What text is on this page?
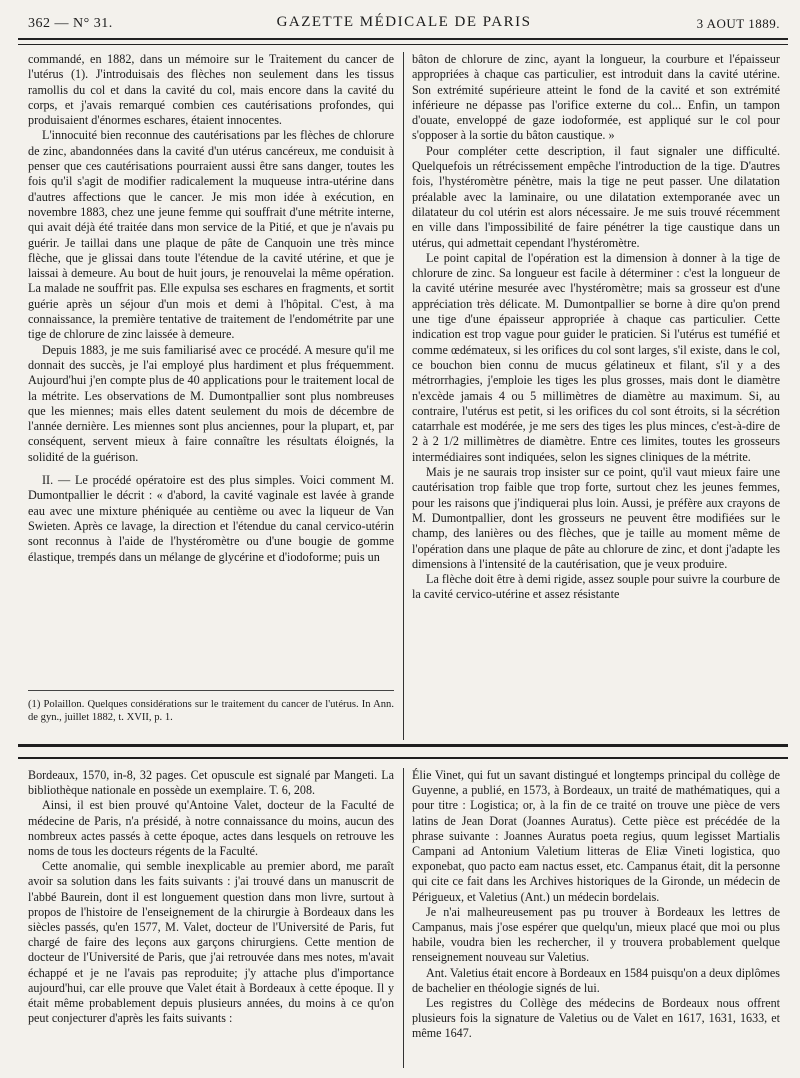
362 — N° 31.	GAZETTE MÉDICALE DE PARIS	3 AOUT 1889.

commandé, en 1882, dans un mémoire sur le Traitement du cancer de l'utérus (1). J'introduisais des flèches non seulement dans les tissus ramollis du col et dans la cavité du col, mais encore dans la cavité du corps, et j'avais remarqué combien ces cautérisations profondes, qui produisaient d'énormes eschares, étaient innocentes.

L'innocuité bien reconnue des cautérisations par les flèches de chlorure de zinc, abandonnées dans la cavité d'un utérus cancéreux, me conduisit à penser que ces cautérisations pourraient aussi être sans danger, toutes les fois qu'il s'agit de modifier radicalement la muqueuse intra-utérine dans d'autres affections que le cancer. Je mis mon idée à exécution, en novembre 1883, chez une jeune femme qui souffrait d'une métrite interne, qui avait déjà été traitée dans mon service de la Pitié, et que je n'avais pu guérir. Je taillai dans une plaque de pâte de Canquoin une très mince flèche, que je glissai dans toute l'étendue de la cavité utérine, et que je laissai à demeure. Au bout de huit jours, je renouvelai la même opération. La malade ne souffrit pas. Elle expulsa ses eschares en fragments, et sortit guérie après un séjour d'un mois et demi à l'hôpital. C'est, à ma connaissance, la première tentative de traitement de l'endométrite par une tige de chlorure de zinc laissée à demeure.

Depuis 1883, je me suis familiarisé avec ce procédé. A mesure qu'il me donnait des succès, je l'ai employé plus hardiment et plus fréquemment. Aujourd'hui j'en compte plus de 40 applications pour le traitement local de la métrite. Les observations de M. Dumontpallier sont plus nombreuses que les miennes; mais elles datent seulement du mois de décembre de l'année dernière. Les miennes sont plus anciennes, pour la plupart, et, par conséquent, servent mieux à faire connaître les résultats éloignés, la solidité de la guérison.

II. — Le procédé opératoire est des plus simples. Voici comment M. Dumontpallier le décrit : « d'abord, la cavité vaginale est lavée à grande eau avec une mixture phéniquée au centième ou avec la liqueur de Van Swieten. Après ce lavage, la direction et l'étendue du canal cervico-utérin sont reconnus à l'aide de l'hystéromètre ou d'une bougie de gomme élastique, trempés dans un mélange de glycérine et d'iodoforme; puis un

(1) Polaillon. Quelques considérations sur le traitement du cancer de l'utérus. In Ann. de gyn., juillet 1882, t. XVII, p. 1.

bâton de chlorure de zinc, ayant la longueur, la courbure et l'épaisseur appropriées à chaque cas particulier, est introduit dans la cavité utérine. Son extrémité supérieure atteint le fond de la cavité et son extrémité inférieure ne dépasse pas l'orifice externe du col... Enfin, un tampon d'ouate, enveloppé de gaze iodoformée, est appliqué sur le col pour s'opposer à la sortie du bâton caustique. »

Pour compléter cette description, il faut signaler une difficulté. Quelquefois un rétrécissement empêche l'introduction de la tige. D'autres fois, l'hystéromètre pénètre, mais la tige ne peut passer. Une dilatation préalable avec la laminaire, ou une dilatation extemporanée avec un dilatateur du col utérin est alors nécessaire. Je me suis trouvé récemment en ville dans l'impossibilité de faire pénétrer la tige caustique dans un utérus, qui admettait cependant l'hystéromètre.

Le point capital de l'opération est la dimension à donner à la tige de chlorure de zinc. Sa longueur est facile à déterminer : c'est la longueur de la cavité utérine mesurée avec l'hystéromètre; mais sa grosseur est d'une appréciation très délicate. M. Dumontpallier se borne à dire qu'on prend une tige d'une épaisseur appropriée à chaque cas particulier. Cette indication est trop vague pour guider le praticien. Si l'utérus est tuméfié et comme œdémateux, si les orifices du col sont larges, s'il existe, dans le col, ce bouchon bien connu de mucus gélatineux et filant, s'il y a des métrorrhagies, j'emploie les tiges les plus grosses, mais dont le diamètre n'excède jamais 4 ou 5 millimètres de diamètre au maximum. Si, au contraire, l'utérus est petit, si les orifices du col sont étroits, si la sécrétion catarrhale est modérée, je me sers des tiges les plus minces, c'est-à-dire de 2 à 2 1/2 millimètres de diamètre. Entre ces limites, toutes les grosseurs intermédiaires sont indiquées, selon les signes cliniques de la métrite.

Mais je ne saurais trop insister sur ce point, qu'il vaut mieux faire une cautérisation trop faible que trop forte, surtout chez les jeunes femmes, pour les raisons que j'indiquerai plus loin. Aussi, je préfère aux crayons de M. Dumontpallier, dont les grosseurs ne peuvent être modifiées sur le champ, des lanières ou des flèches, que je taille au moment même de l'opération dans une plaque de pâte au chlorure de zinc, et dont j'adapte les dimensions à l'intensité de la cautérisation, que je veux produire.

La flèche doit être à demi rigide, assez souple pour suivre la courbure de la cavité cervico-utérine et assez résistante

Bordeaux, 1570, in-8, 32 pages. Cet opuscule est signalé par Mangeti. La bibliothèque nationale en possède un exemplaire. T. 6, 208.

Ainsi, il est bien prouvé qu'Antoine Valet, docteur de la Faculté de médecine de Paris, n'a présidé, à notre connaissance du moins, aucun des nombreux actes passés à cette époque, actes dans lesquels on retrouve les noms de tous les docteurs régents de la Faculté.

Cette anomalie, qui semble inexplicable au premier abord, me paraît avoir sa solution dans les faits suivants : j'ai trouvé dans un manuscrit de l'abbé Baurein, dont il est longuement question dans mon livre, surtout à propos de l'histoire de l'enseignement de la chirurgie à Bordeaux dans les siècles passés, qu'en 1577, M. Valet, docteur de l'Université de Paris, fut chargé de faire des leçons aux garçons chirurgiens. Cette mention de docteur de l'Université de Paris, que j'ai retrouvée dans mes notes, m'avait échappé et je ne l'avais pas reproduite; j'y attache plus d'importance aujourd'hui, car elle prouve que Valet était à Bordeaux à cette époque. Il y était même probablement depuis plusieurs années, du moins à ce qu'on peut conjecturer d'après les faits suivants :

Élie Vinet, qui fut un savant distingué et longtemps principal du collège de Guyenne, a publié, en 1573, à Bordeaux, un traité de mathématiques, qui a pour titre : Logistica; or, à la fin de ce traité on trouve une pièce de vers latins de Jean Dorat (Joannes Auratus). Cette pièce est précédée de la phrase suivante : Joannes Auratus poeta regius, quum legisset Martialis Campani ad Antonium Valetium litteras de Eliæ Vineti logistica, quo exponebat, quo pacto eam nactus esset, etc. Campanus était, dit la personne qui cite ce fait dans les Archives historiques de la Gironde, un médecin de Périgueux, et Valetius (Ant.) un médecin bordelais.

Je n'ai malheureusement pas pu trouver à Bordeaux les lettres de Campanus, mais j'ose espérer que quelqu'un, mieux placé que moi ou plus habile, voudra bien les rechercher, il y trouvera probablement quelque renseignement nouveau sur Valetius.

Ant. Valetius était encore à Bordeaux en 1584 puisqu'on a deux diplômes de bachelier en théologie signés de lui.

Les registres du Collège des médecins de Bordeaux nous offrent plusieurs fois la signature de Valetius ou de Valet en 1617, 1631, 1633, et même 1647.
